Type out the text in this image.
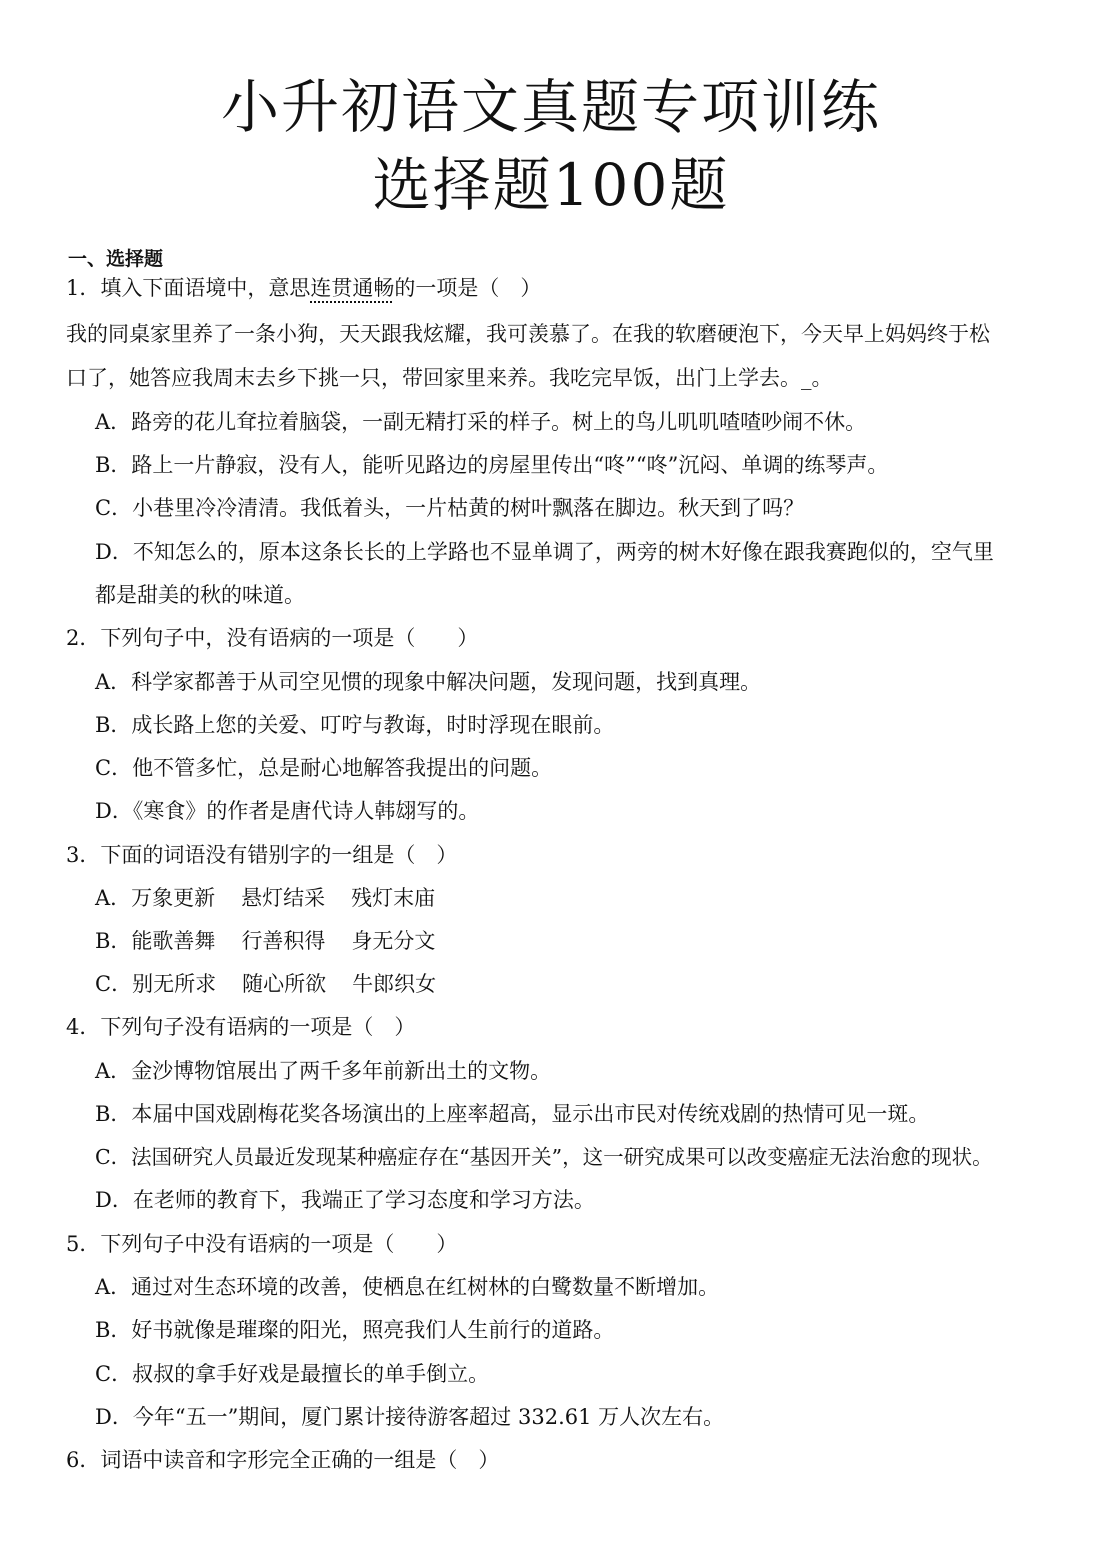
小升初语文真题专项训练
选择题100题
一、选择题
1．填入下面语境中，意思连贯通畅的一项是（　）
我的同桌家里养了一条小狗，天天跟我炫耀，我可羡慕了。在我的软磨硬泡下，今天早上妈妈终于松
口了，她答应我周末去乡下挑一只，带回家里来养。我吃完早饭，出门上学去。_。
A．路旁的花儿耷拉着脑袋，一副无精打采的样子。树上的鸟儿叽叽喳喳吵闹不休。
B．路上一片静寂，没有人，能听见路边的房屋里传出“咚”“咚”沉闷、单调的练琴声。
C．小巷里冷冷清清。我低着头，一片枯黄的树叶飘落在脚边。秋天到了吗？
D．不知怎么的，原本这条长长的上学路也不显单调了，两旁的树木好像在跟我赛跑似的，空气里
都是甜美的秋的味道。
2．下列句子中，没有语病的一项是（　　）
A．科学家都善于从司空见惯的现象中解决问题，发现问题，找到真理。
B．成长路上您的关爱、叮咛与教诲，时时浮现在眼前。
C．他不管多忙，总是耐心地解答我提出的问题。
D．《寒食》的作者是唐代诗人韩翃写的。
3．下面的词语没有错别字的一组是（　）
A．万象更新 悬灯结采 残灯末庙
B．能歌善舞 行善积得 身无分文
C．别无所求 随心所欲 牛郎织女
4．下列句子没有语病的一项是（　）
A．金沙博物馆展出了两千多年前新出土的文物。
B．本届中国戏剧梅花奖各场演出的上座率超高，显示出市民对传统戏剧的热情可见一斑。
C．法国研究人员最近发现某种癌症存在“基因开关”，这一研究成果可以改变癌症无法治愈的现状。
D．在老师的教育下，我端正了学习态度和学习方法。
5．下列句子中没有语病的一项是（　　）
A．通过对生态环境的改善，使栖息在红树林的白鹭数量不断增加。
B．好书就像是璀璨的阳光，照亮我们人生前行的道路。
C．叔叔的拿手好戏是最擅长的单手倒立。
D．今年“五一”期间，厦门累计接待游客超过 332.61 万人次左右。
6．词语中读音和字形完全正确的一组是（　）
